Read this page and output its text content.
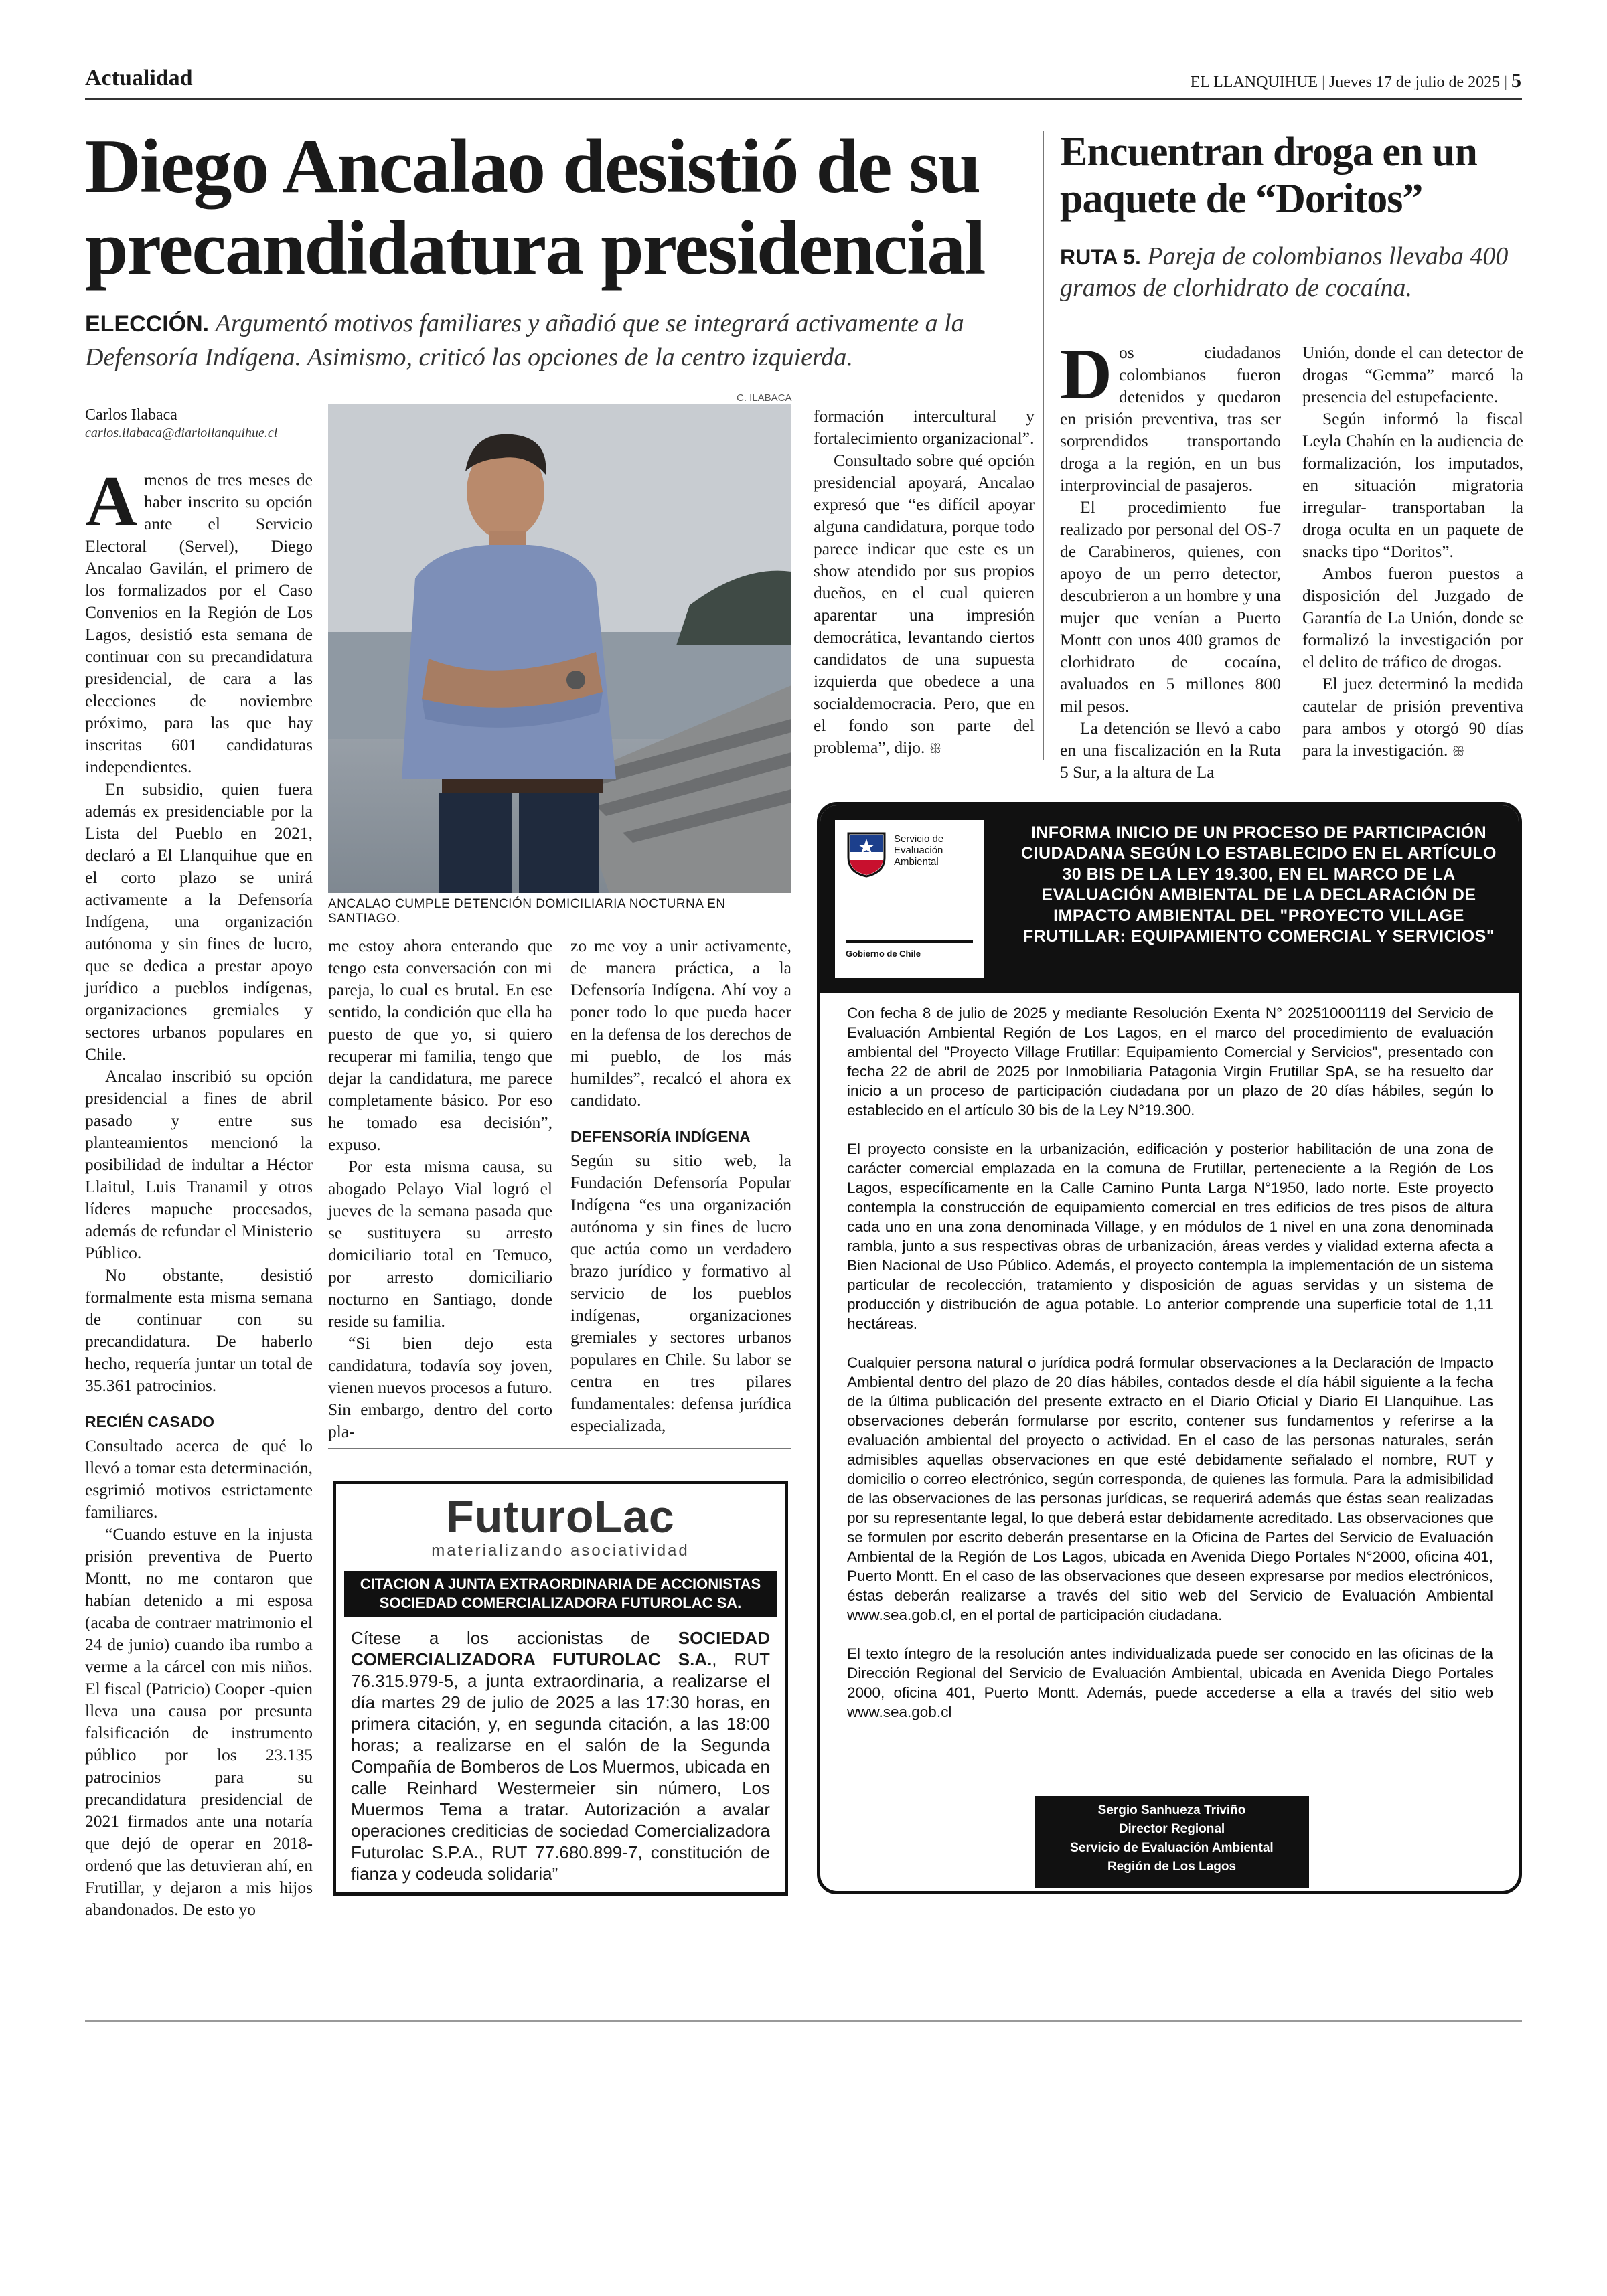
Actualidad	EL LLANQUIHUE | Jueves 17 de julio de 2025 | 5
Diego Ancalao desistió de su precandidatura presidencial
ELECCIÓN. Argumentó motivos familiares y añadió que se integrará activamente a la Defensoría Indígena. Asimismo, criticó las opciones de la centro izquierda.
Carlos Ilabaca
carlos.ilabaca@diariollanquihue.cl
C. ILABACA
ANCALAO CUMPLE DETENCIÓN DOMICILIARIA NOCTURNA EN SANTIAGO.

Amenos de tres meses de haber inscrito su opción ante el Servicio Electoral (Servel), Diego Ancalao Gavilán, el primero de los formalizados por el Caso Convenios en la Región de Los Lagos, desistió esta semana de continuar con su precandidatura presidencial, de cara a las elecciones de noviembre próximo, para las que hay inscritas 601 candidaturas independientes.

En subsidio, quien fuera además ex presidenciable por la Lista del Pueblo en 2021, declaró a El Llanquihue que en el corto plazo se unirá activamente a la Defensoría Indígena, una organización autónoma y sin fines de lucro, que se dedica a prestar apoyo jurídico a pueblos indígenas, organizaciones gremiales y sectores urbanos populares en Chile.

Ancalao inscribió su opción presidencial a fines de abril pasado y entre sus planteamientos mencionó la posibilidad de indultar a Héctor Llaitul, Luis Tranamil y otros líderes mapuche procesados, además de refundar el Ministerio Público.

No obstante, desistió formalmente esta misma semana de continuar con su precandidatura. De haberlo hecho, requería juntar un total de 35.361 patrocinios.

RECIÉN CASADO

Consultado acerca de qué lo llevó a tomar esta determinación, esgrimió motivos estrictamente familiares.

“Cuando estuve en la injusta prisión preventiva de Puerto Montt, no me contaron que habían detenido a mi esposa (acaba de contraer matrimonio el 24 de junio) cuando iba rumbo a verme a la cárcel con mis niños. El fiscal (Patricio) Cooper -quien lleva una causa por presunta falsificación de instrumento público por los 23.135 patrocinios para su precandidatura presidencial de 2021 firmados ante una notaría que dejó de operar en 2018- ordenó que las detuvieran ahí, en Frutillar, y dejaron a mis hijos abandonados. De esto yo

me estoy ahora enterando que tengo esta conversación con mi pareja, lo cual es brutal. En ese sentido, la condición que ella ha puesto de que yo, si quiero recuperar mi familia, tengo que dejar la candidatura, me parece completamente básico. Por eso he tomado esa decisión”, expuso.

Por esta misma causa, su abogado Pelayo Vial logró el jueves de la semana pasada que se sustituyera su arresto domiciliario total en Temuco, por arresto domiciliario nocturno en Santiago, donde reside su familia.

“Si bien dejo esta candidatura, todavía soy joven, vienen nuevos procesos a futuro. Sin embargo, dentro del corto pla-

formación intercultural y fortalecimiento organizacional”.

Consultado sobre qué opción presidencial apoyará, Ancalao expresó que “es difícil apoyar alguna candidatura, porque todo parece indicar que este es un show atendido por sus propios dueños, en el cual quieren aparentar una impresión democrática, levantando ciertos candidatos de una supuesta izquierda que obedece a una socialdemocracia. Pero, que en el fondo son parte del problema”, dijo. ꕥ

zo me voy a unir activamente, de manera práctica, a la Defensoría Indígena. Ahí voy a poner todo lo que pueda hacer en la defensa de los derechos de mi pueblo, de los más humildes”, recalcó el ahora ex candidato.

DEFENSORÍA INDÍGENA

Según su sitio web, la Fundación Defensoría Popular Indígena “es una organización autónoma y sin fines de lucro que actúa como un verdadero brazo jurídico y formativo al servicio de los pueblos indígenas, organizaciones gremiales y sectores urbanos populares en Chile. Su labor se centra en tres pilares fundamentales: defensa jurídica especializada,

Encuentran droga en un paquete de “Doritos”
RUTA 5. Pareja de colombianos llevaba 400 gramos de clorhidrato de cocaína.

Dos ciudadanos colombianos fueron detenidos y quedaron en prisión preventiva, tras ser sorprendidos transportando droga a la región, en un bus interprovincial de pasajeros.

El procedimiento fue realizado por personal del OS-7 de Carabineros, quienes, con apoyo de un perro detector, descubrieron a un hombre y una mujer que venían a Puerto Montt con unos 400 gramos de clorhidrato de cocaína, avaluados en 5 millones 800 mil pesos.

La detención se llevó a cabo en una fiscalización en la Ruta 5 Sur, a la altura de La

Unión, donde el can detector de drogas “Gemma” marcó la presencia del estupefaciente.

Según informó la fiscal Leyla Chahín en la audiencia de formalización, los imputados, en situación migratoria irregular- transportaban la droga oculta en un paquete de snacks tipo “Doritos”.

Ambos fueron puestos a disposición del Juzgado de Garantía de La Unión, donde se formalizó la investigación por el delito de tráfico de drogas.

El juez determinó la medida cautelar de prisión preventiva para ambos y otorgó 90 días para la investigación. ꕥ

FuturoLac
materializando asociatividad
CITACION A JUNTA EXTRAORDINARIA DE ACCIONISTAS SOCIEDAD COMERCIALIZADORA FUTUROLAC SA.
Cítese a los accionistas de SOCIEDAD COMERCIALIZADORA FUTUROLAC S.A., RUT 76.315.979-5, a junta extraordinaria, a realizarse el día martes 29 de julio de 2025 a las 17:30 horas, en primera citación, y, en segunda citación, a las 18:00 horas; a realizarse en el salón de la Segunda Compañía de Bomberos de Los Muermos, ubicada en calle Reinhard Westermeier sin número, Los Muermos Tema a tratar. Autorización a avalar operaciones crediticias de sociedad Comercializadora Futurolac S.P.A., RUT 77.680.899-7, constitución de fianza y codeuda solidaria”
Servicio de
Evaluación
Ambiental
Gobierno de Chile
INFORMA INICIO DE UN PROCESO DE PARTICIPACIÓN CIUDADANA SEGÚN LO ESTABLECIDO EN EL ARTÍCULO 30 BIS DE LA LEY 19.300, EN EL MARCO DE LA EVALUACIÓN AMBIENTAL DE LA DECLARACIÓN DE IMPACTO AMBIENTAL DEL "PROYECTO VILLAGE FRUTILLAR: EQUIPAMIENTO COMERCIAL Y SERVICIOS"

Con fecha 8 de julio de 2025 y mediante Resolución Exenta N° 202510001119 del Servicio de Evaluación Ambiental Región de Los Lagos, en el marco del procedimiento de evaluación ambiental del "Proyecto Village Frutillar: Equipamiento Comercial y Servicios", presentado con fecha 22 de abril de 2025 por Inmobiliaria Patagonia Virgin Frutillar SpA, se ha resuelto dar inicio a un proceso de participación ciudadana por un plazo de 20 días hábiles, según lo establecido en el artículo 30 bis de la Ley N°19.300.

El proyecto consiste en la urbanización, edificación y posterior habilitación de una zona de carácter comercial emplazada en la comuna de Frutillar, perteneciente a la Región de Los Lagos, específicamente en la Calle Camino Punta Larga N°1950, lado norte. Este proyecto contempla la construcción de equipamiento comercial en tres edificios de tres pisos de altura cada uno en una zona denominada Village, y en módulos de 1 nivel en una zona denominada rambla, junto a sus respectivas obras de urbanización, áreas verdes y vialidad externa afecta a Bien Nacional de Uso Público. Además, el proyecto contempla la implementación de un sistema particular de recolección, tratamiento y disposición de aguas servidas y un sistema de producción y distribución de agua potable. Lo anterior comprende una superficie total de 1,11 hectáreas.

Cualquier persona natural o jurídica podrá formular observaciones a la Declaración de Impacto Ambiental dentro del plazo de 20 días hábiles, contados desde el día hábil siguiente a la fecha de la última publicación del presente extracto en el Diario Oficial y Diario El Llanquihue. Las observaciones deberán formularse por escrito, contener sus fundamentos y referirse a la evaluación ambiental del proyecto o actividad. En el caso de las personas naturales, serán admisibles aquellas observaciones en que esté debidamente señalado el nombre, RUT y domicilio o correo electrónico, según corresponda, de quienes las formula. Para la admisibilidad de las observaciones de las personas jurídicas, se requerirá además que éstas sean realizadas por su representante legal, lo que deberá estar debidamente acreditado. Las observaciones que se formulen por escrito deberán presentarse en la Oficina de Partes del Servicio de Evaluación Ambiental de la Región de Los Lagos, ubicada en Avenida Diego Portales N°2000, oficina 401, Puerto Montt. En el caso de las observaciones que deseen expresarse por medios electrónicos, éstas deberán realizarse a través del sitio web del Servicio de Evaluación Ambiental www.sea.gob.cl, en el portal de participación ciudadana.

El texto íntegro de la resolución antes individualizada puede ser conocido en las oficinas de la Dirección Regional del Servicio de Evaluación Ambiental, ubicada en Avenida Diego Portales 2000, oficina 401, Puerto Montt. Además, puede accederse a ella a través del sitio web www.sea.gob.cl

Sergio Sanhueza Triviño
Director Regional
Servicio de Evaluación Ambiental
Región de Los Lagos
